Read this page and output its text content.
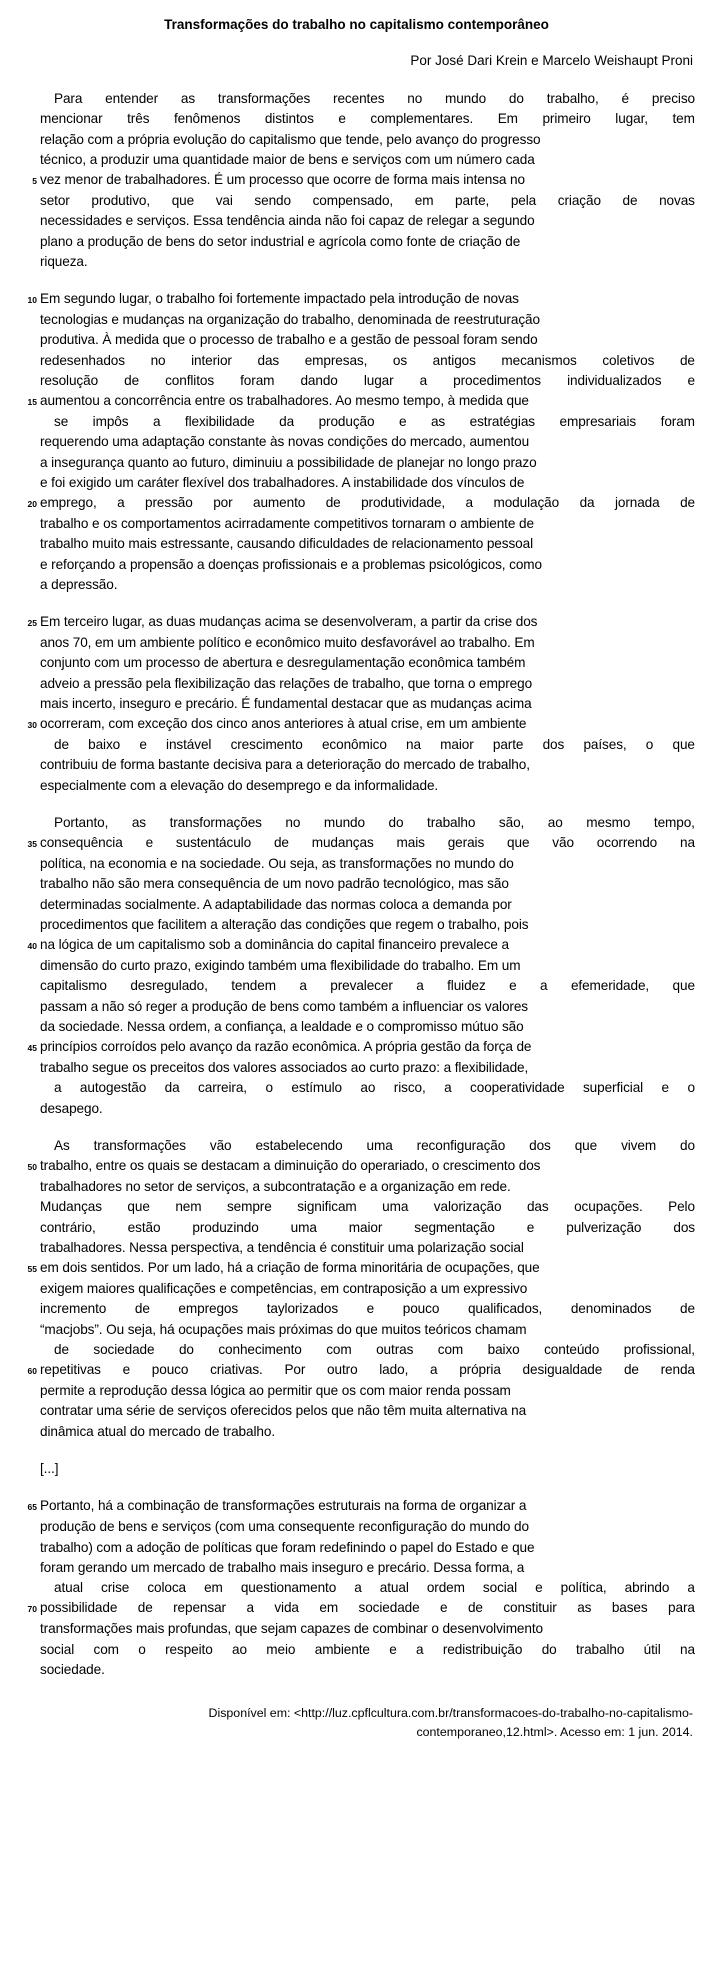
Transformações do trabalho no capitalismo contemporâneo
Por José Dari Krein e Marcelo Weishaupt Proni
Para entender as transformações recentes no mundo do trabalho, é preciso
mencionar três fenômenos distintos e complementares. Em primeiro lugar, tem
relação com a própria evolução do capitalismo que tende, pelo avanço do progresso
técnico, a produzir uma quantidade maior de bens e serviços com um número cada
5 vez menor de trabalhadores. É um processo que ocorre de forma mais intensa no
setor produtivo, que vai sendo compensado, em parte, pela criação de novas
necessidades e serviços. Essa tendência ainda não foi capaz de relegar a segundo
plano a produção de bens do setor industrial e agrícola como fonte de criação de
riqueza.
10 Em segundo lugar, o trabalho foi fortemente impactado pela introdução de novas
tecnologias e mudanças na organização do trabalho, denominada de reestruturação
produtiva. À medida que o processo de trabalho e a gestão de pessoal foram sendo
redesenhados no interior das empresas, os antigos mecanismos coletivos de
resolução de conflitos foram dando lugar a procedimentos individualizados e
15 aumentou a concorrência entre os trabalhadores. Ao mesmo tempo, à medida que
se impôs a flexibilidade da produção e as estratégias empresariais foram
requerendo uma adaptação constante às novas condições do mercado, aumentou
a insegurança quanto ao futuro, diminuiu a possibilidade de planejar no longo prazo
e foi exigido um caráter flexível dos trabalhadores. A instabilidade dos vínculos de
20 emprego, a pressão por aumento de produtividade, a modulação da jornada de
trabalho e os comportamentos acirradamente competitivos tornaram o ambiente de
trabalho muito mais estressante, causando dificuldades de relacionamento pessoal
e reforçando a propensão a doenças profissionais e a problemas psicológicos, como
a depressão.
25 Em terceiro lugar, as duas mudanças acima se desenvolveram, a partir da crise dos
anos 70, em um ambiente político e econômico muito desfavorável ao trabalho. Em
conjunto com um processo de abertura e desregulamentação econômica também
adveio a pressão pela flexibilização das relações de trabalho, que torna o emprego
mais incerto, inseguro e precário. É fundamental destacar que as mudanças acima
30 ocorreram, com exceção dos cinco anos anteriores à atual crise, em um ambiente
de baixo e instável crescimento econômico na maior parte dos países, o que
contribuiu de forma bastante decisiva para a deterioração do mercado de trabalho,
especialmente com a elevação do desemprego e da informalidade.
Portanto, as transformações no mundo do trabalho são, ao mesmo tempo,
35 consequência e sustentáculo de mudanças mais gerais que vão ocorrendo na
política, na economia e na sociedade. Ou seja, as transformações no mundo do
trabalho não são mera consequência de um novo padrão tecnológico, mas são
determinadas socialmente. A adaptabilidade das normas coloca a demanda por
procedimentos que facilitem a alteração das condições que regem o trabalho, pois
40 na lógica de um capitalismo sob a dominância do capital financeiro prevalece a
dimensão do curto prazo, exigindo também uma flexibilidade do trabalho. Em um
capitalismo desregulado, tendem a prevalecer a fluidez e a efemeridade, que
passam a não só reger a produção de bens como também a influenciar os valores
da sociedade. Nessa ordem, a confiança, a lealdade e o compromisso mútuo são
45 princípios corroídos pelo avanço da razão econômica. A própria gestão da força de
trabalho segue os preceitos dos valores associados ao curto prazo: a flexibilidade,
a autogestão da carreira, o estímulo ao risco, a cooperatividade superficial e o
desapego.
As transformações vão estabelecendo uma reconfiguração dos que vivem do
50 trabalho, entre os quais se destacam a diminuição do operariado, o crescimento dos
trabalhadores no setor de serviços, a subcontratação e a organização em rede.
Mudanças que nem sempre significam uma valorização das ocupações. Pelo
contrário, estão produzindo uma maior segmentação e pulverização dos
trabalhadores. Nessa perspectiva, a tendência é constituir uma polarização social
55 em dois sentidos. Por um lado, há a criação de forma minoritária de ocupações, que
exigem maiores qualificações e competências, em contraposição a um expressivo
incremento de empregos taylorizados e pouco qualificados, denominados de
“macjobs”. Ou seja, há ocupações mais próximas do que muitos teóricos chamam
de sociedade do conhecimento com outras com baixo conteúdo profissional,
60 repetitivas e pouco criativas. Por outro lado, a própria desigualdade de renda
permite a reprodução dessa lógica ao permitir que os com maior renda possam
contratar uma série de serviços oferecidos pelos que não têm muita alternativa na
dinâmica atual do mercado de trabalho.
[...]
65 Portanto, há a combinação de transformações estruturais na forma de organizar a
produção de bens e serviços (com uma consequente reconfiguração do mundo do
trabalho) com a adoção de políticas que foram redefinindo o papel do Estado e que
foram gerando um mercado de trabalho mais inseguro e precário. Dessa forma, a
atual crise coloca em questionamento a atual ordem social e política, abrindo a
70 possibilidade de repensar a vida em sociedade e de constituir as bases para
transformações mais profundas, que sejam capazes de combinar o desenvolvimento
social com o respeito ao meio ambiente e a redistribuição do trabalho útil na
sociedade.
Disponível em: <http://luz.cpflcultura.com.br/transformacoes-do-trabalho-no-capitalismo-
contemporaneo,12.html>. Acesso em: 1 jun. 2014.
